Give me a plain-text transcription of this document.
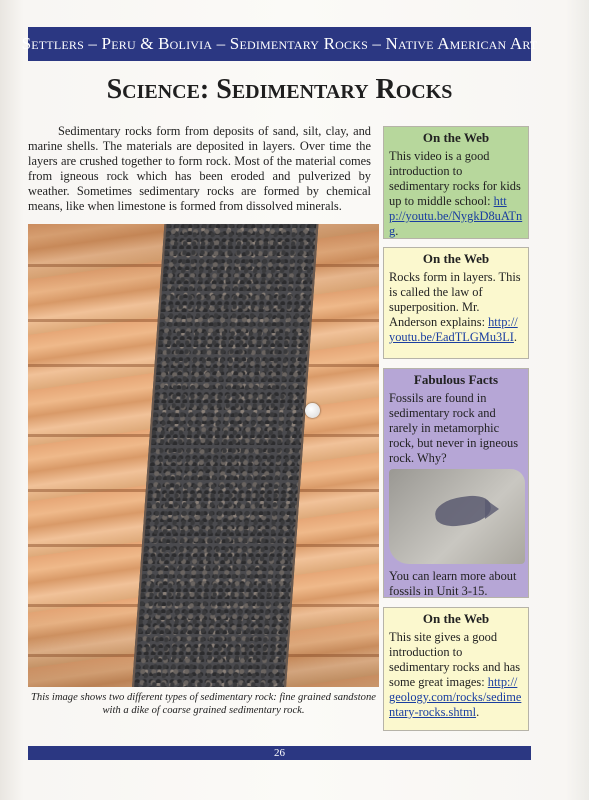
Settlers – Peru & Bolivia – Sedimentary Rocks – Native American Art
Science: Sedimentary Rocks

Sedimentary rocks form from deposits of sand, silt, clay, and marine shells. The materials are deposited in layers. Over time the layers are crushed together to form rock. Most of the material comes from igneous rock which has been eroded and pulverized by weather. Sometimes sedimentary rocks are formed by chemical means, like when limestone is formed from dissolved minerals.

This image shows two different types of sedimentary rock: fine grained sandstone with a dike of coarse grained sedimentary rock.
On the Web
This video is a good introduction to sedimentary rocks for kids up to middle school: http://youtu.be/NygkD8uATng.
On the Web
Rocks form in layers. This is called the law of superposition. Mr. Anderson explains: http://youtu.be/EadTLGMu3LI.
Fabulous Facts
Fossils are found in sedimentary rock and rarely in metamorphic rock, but never in igneous rock. Why?
You can learn more about fossils in Unit 3-15.
On the Web
This site gives a good introduction to sedimentary rocks and has some great images: http://geology.com/rocks/sedimentary-rocks.shtml.
26
